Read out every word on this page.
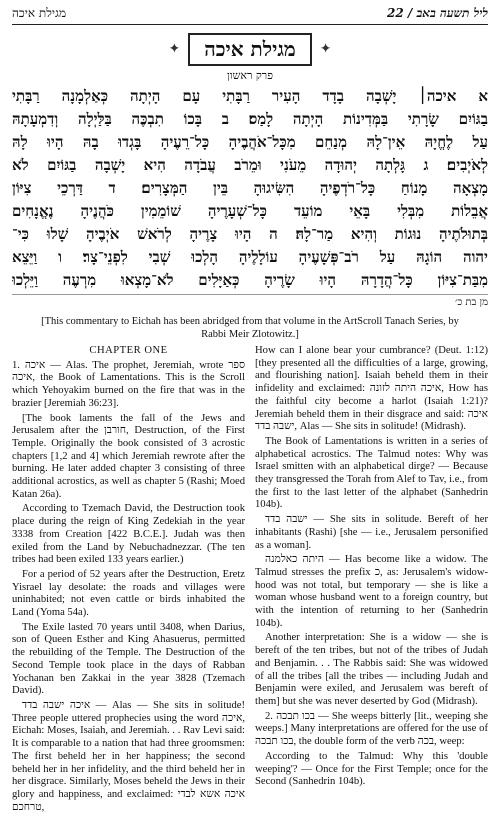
מגילת איכה	22 / ליל תשעה באב
✦	מגילת איכה	✦
פרק ראשון
א איכה׀ יָשְׁבָה בָדָד הָעִיר רַבָּתִי עָם הָיְתָה כְּאַלְמָנָה רַבָּתִי
בַגּוֹיִם שָׂרָתִי בַּמְּדִינוֹת הָיְתָה לָמַס׃ ב בָּכוֹ תִבְכֶּה בַּלַּיְלָה וְדִמְעָתָהּ
עַל לֶחֱיָהּ אֵין־לָהּ מְנַחֵם מִכָּל־אֹהֲבֶיהָ כָּל־רֵעֶיהָ בָּגְדוּ בָהּ הָיוּ לָהּ
לְאֹיְבִים׃ ג גָּלְתָה יְהוּדָה מֵעֹנִי וּמֵרֹב עֲבֹדָה הִיא יָשְׁבָה בַגּוֹיִם לֹא
מָצְאָה מָנוֹחַ כָּל־רֹדְפֶיהָ הִשִּׂיגוּהָ בֵּין הַמְּצָרִים׃ ד דַּרְכֵי צִיּוֹן
אֲבֵלוֹת מִבְּלִי בָּאֵי מוֹעֵד כָּל־שְׁעָרֶיהָ שׁוֹמֵמִין כֹּהֲנֶיהָ נֶאֱנָחִים
בְּתוּלֹתֶיהָ נוּגוֹת וְהִיא מַר־לָהּ׃ ה הָיוּ צָרֶיהָ לְרֹאשׁ אֹיְבֶיהָ שָׁלוּ כִּי־
יהוה הוֹגָהּ עַל רֹב־פְּשָׁעֶיהָ עוֹלָלֶיהָ הָלְכוּ שְׁבִי לִפְנֵי־צָר׃ ו וַיֵּצֵא
מִבַּת־צִיּוֹן כָּל־הֲדָרָהּ הָיוּ שָׂרֶיהָ כְּאַיָּלִים לֹא־מָצְאוּ מִרְעֶה וַיֵּלְכוּ
מן בת כ׳
[This commentary to Eichah has been abridged from that volume in the ArtScroll Tanach Series, by Rabbi Meir Zlotowitz.]
CHAPTER ONE

1. איכה — Alas. The prophet, Jeremiah, wrote ספר איכה, the Book of Lamentations. This is the Scroll which Yehoyakim burned on the fire that was in the brazier [Jeremiah 36:23].

[The book laments the fall of the Jews and Jerusalem after the חורבן, Destruction, of the First Temple. Originally the book consisted of 3 acrostic chapters [1,2 and 4] which Jeremiah rewrote after the burning. He later added chapter 3 consisting of three additional acrostics, as well as chapter 5 (Rashi; Moed Katan 26a).

According to Tzemach David, the Destruction took place during the reign of King Zedekiah in the year 3338 from Creation [422 B.C.E.]. Judah was then exiled from the Land by Nebuchadnezzar. (The ten tribes had been exiled 133 years earlier.)

For a period of 52 years after the Destruction, Eretz Yisrael lay desolate: the roads and villages were uninhabited; not even cattle or birds inhabited the Land (Yoma 54a).

The Exile lasted 70 years until 3408, when Darius, son of Queen Esther and King Ahasuerus, permitted the rebuilding of the Temple. The Destruction of the Second Temple took place in the days of Rabban Yochanan ben Zakkai in the year 3828 (Tzemach David).

איכה ישבה בדד — Alas — She sits in solitude! Three people uttered prophecies using the word איכה, Eichah: Moses, Isaiah, and Jeremiah. . . Rav Levi said: It is comparable to a nation that had three groomsmen: The first beheld her in her happiness; the second beheld her in her infidelity, and the third beheld her in her disgrace. Similarly, Moses beheld the Jews in their glory and happiness, and exclaimed: איכה אשא לבדי טרחכם,

How can I alone bear your cumbrance? (Deut. 1:12) [they presented all the difficulties of a large, growing, and flourishing nation]. Isaiah beheld them in their infidelity and exclaimed: איכה היתה לזונה, How has the faithful city become a harlot (Isaiah 1:21)? Jeremiah beheld them in their disgrace and said: איכה ישבה בדד, Alas — She sits in solitude! (Midrash).

The Book of Lamentations is written in a series of alphabetical acrostics. The Talmud notes: Why was Israel smitten with an alphabetical dirge? — Because they transgressed the Torah from Alef to Tav, i.e., from the first to the last letter of the alphabet (Sanhedrin 104b).

ישבה בדד — She sits in solitude. Bereft of her inhabitants (Rashi) [she — i.e., Jerusalem personified as a woman].

היתה כאלמנה — Has become like a widow. The Talmud stresses the prefix כ, as: Jerusalem's widow-hood was not total, but temporary — she is like a woman whose husband went to a foreign country, but with the intention of returning to her (Sanhedrin 104b).

Another interpretation: She is a widow — she is bereft of the ten tribes, but not of the tribes of Judah and Benjamin. . . The Rabbis said: She was widowed of all the tribes [all the tribes — including Judah and Benjamin were exiled, and Jerusalem was bereft of them] but she was never deserted by God (Midrash).

2. בכו תבכה — She weeps bitterly [lit., weeping she weeps.] Many interpretations are offered for the use of בכו תבכה, the double form of the verb בכה, weep:

According to the Talmud: Why this 'double weeping'? — Once for the First Temple; once for the Second (Sanhedrin 104b).
